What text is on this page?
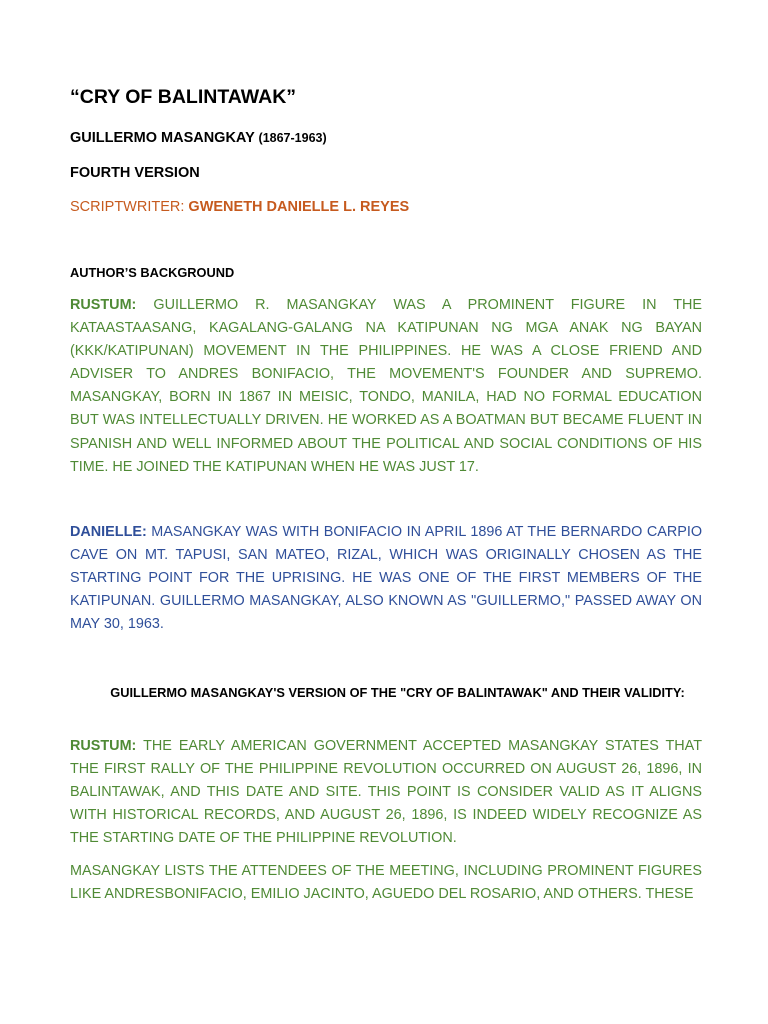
“CRY OF BALINTAWAK”

GUILLERMO MASANGKAY (1867-1963)

FOURTH VERSION

SCRIPTWRITER: GWENETH DANIELLE L. REYES

AUTHOR’S BACKGROUND

RUSTUM: GUILLERMO R. MASANGKAY WAS A PROMINENT FIGURE IN THE KATAASTAASANG, KAGALANG-GALANG NA KATIPUNAN NG MGA ANAK NG BAYAN (KKK/KATIPUNAN) MOVEMENT IN THE PHILIPPINES. HE WAS A CLOSE FRIEND AND ADVISER TO ANDRES BONIFACIO, THE MOVEMENT'S FOUNDER AND SUPREMO. MASANGKAY, BORN IN 1867 IN MEISIC, TONDO, MANILA, HAD NO FORMAL EDUCATION BUT WAS INTELLECTUALLY DRIVEN. HE WORKED AS A BOATMAN BUT BECAME FLUENT IN SPANISH AND WELL INFORMED ABOUT THE POLITICAL AND SOCIAL CONDITIONS OF HIS TIME. HE JOINED THE KATIPUNAN WHEN HE WAS JUST 17.

DANIELLE: MASANGKAY WAS WITH BONIFACIO IN APRIL 1896 AT THE BERNARDO CARPIO CAVE ON MT. TAPUSI, SAN MATEO, RIZAL, WHICH WAS ORIGINALLY CHOSEN AS THE STARTING POINT FOR THE UPRISING. HE WAS ONE OF THE FIRST MEMBERS OF THE KATIPUNAN. GUILLERMO MASANGKAY, ALSO KNOWN AS "GUILLERMO," PASSED AWAY ON MAY 30, 1963.

GUILLERMO MASANGKAY'S VERSION OF THE "CRY OF BALINTAWAK" AND THEIR VALIDITY:

RUSTUM: THE EARLY AMERICAN GOVERNMENT ACCEPTED MASANGKAY STATES THAT THE FIRST RALLY OF THE PHILIPPINE REVOLUTION OCCURRED ON AUGUST 26, 1896, IN BALINTAWAK, AND THIS DATE AND SITE. THIS POINT IS CONSIDER VALID AS IT ALIGNS WITH HISTORICAL RECORDS, AND AUGUST 26, 1896, IS INDEED WIDELY RECOGNIZE AS THE STARTING DATE OF THE PHILIPPINE REVOLUTION.

MASANGKAY LISTS THE ATTENDEES OF THE MEETING, INCLUDING PROMINENT FIGURES LIKE ANDRESBONIFACIO, EMILIO JACINTO, AGUEDO DEL ROSARIO, AND OTHERS. THESE
